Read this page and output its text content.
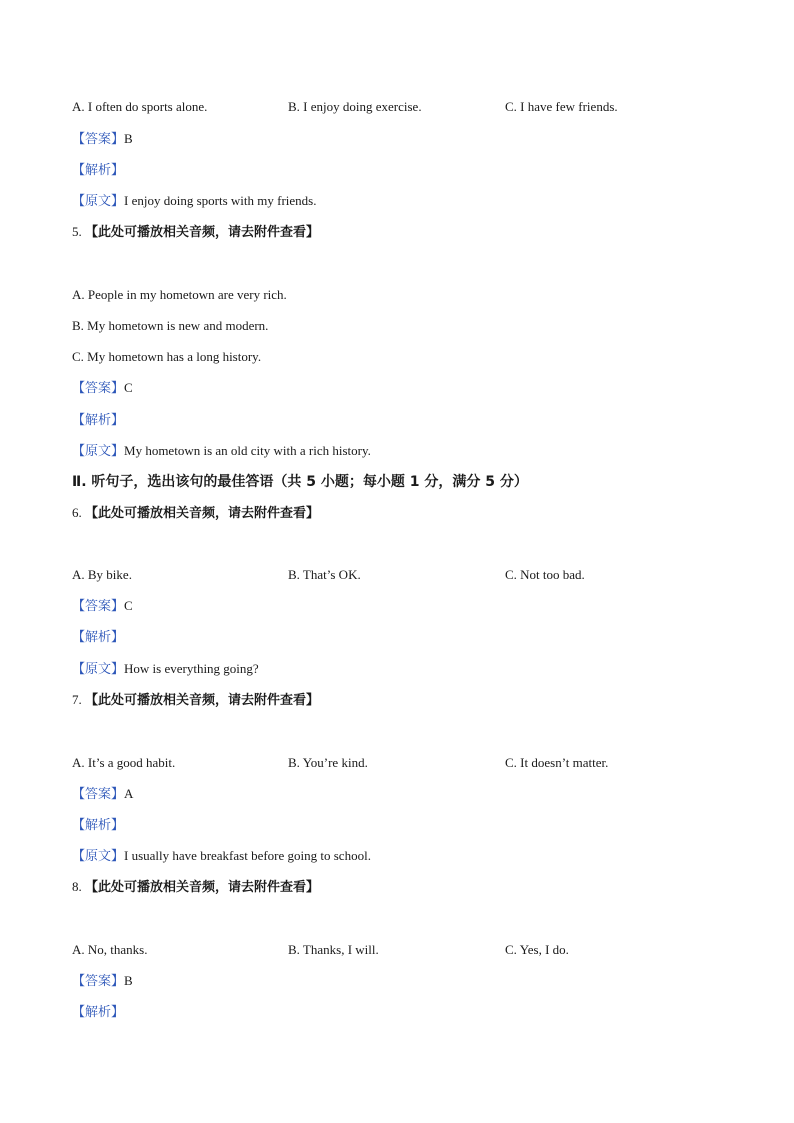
A. I often do sports alone.	B. I enjoy doing exercise.	C. I have few friends.
【答案】B
【解析】
【原文】I enjoy doing sports with my friends.
5. 【此处可播放相关音频，请去附件查看】
A. People in my hometown are very rich.
B. My hometown is new and modern.
C. My hometown has a long history.
【答案】C
【解析】
【原文】My hometown is an old city with a rich history.
Ⅱ. 听句子，选出该句的最佳答语（共 5 小题；每小题 1 分，满分 5 分）
6. 【此处可播放相关音频，请去附件查看】
A. By bike.	B. That’s OK.	C. Not too bad.
【答案】C
【解析】
【原文】How is everything going?
7. 【此处可播放相关音频，请去附件查看】
A. It’s a good habit.	B. You’re kind.	C. It doesn’t matter.
【答案】A
【解析】
【原文】I usually have breakfast before going to school.
8. 【此处可播放相关音频，请去附件查看】
A. No, thanks.	B. Thanks, I will.	C. Yes, I do.
【答案】B
【解析】
